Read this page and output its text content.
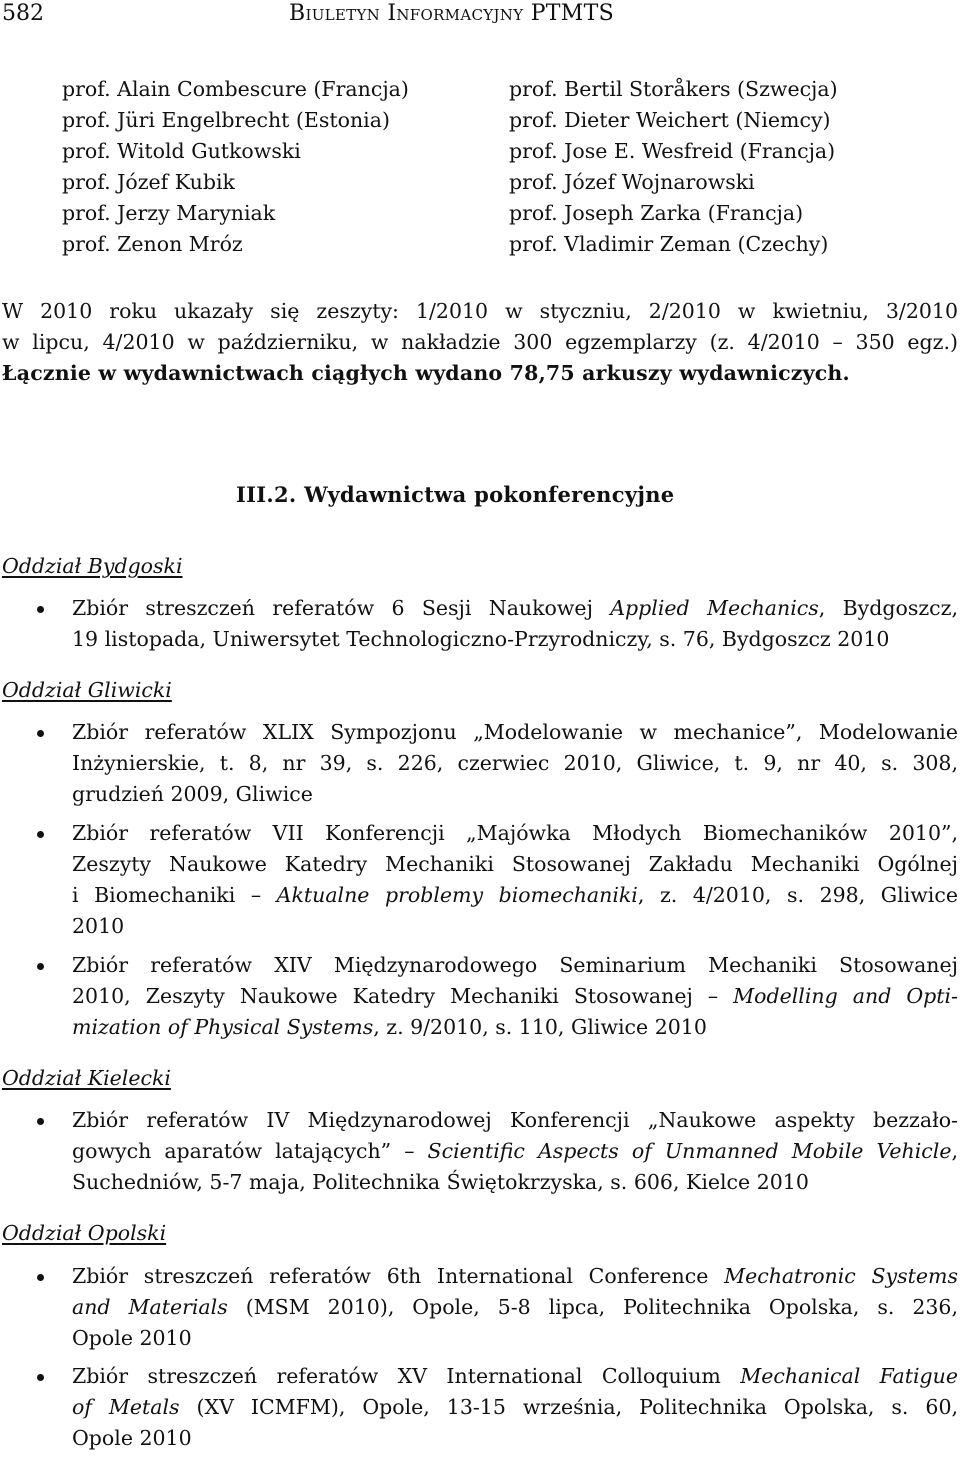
582	Biuletyn Informacyjny PTMTS
prof. Alain Combescure (Francja)
prof. Jüri Engelbrecht (Estonia)
prof. Witold Gutkowski
prof. Józef Kubik
prof. Jerzy Maryniak
prof. Zenon Mróz
prof. Bertil Storåkers (Szwecja)
prof. Dieter Weichert (Niemcy)
prof. Jose E. Wesfreid (Francja)
prof. Józef Wojnarowski
prof. Joseph Zarka (Francja)
prof. Vladimir Zeman (Czechy)

W 2010 roku ukazały się zeszyty: 1/2010 w styczniu, 2/2010 w kwietniu, 3/2010

w lipcu, 4/2010 w październiku, w nakładzie 300 egzemplarzy (z. 4/2010 – 350 egz.)

Łącznie w wydawnictwach ciągłych wydano 78,75 arkuszy wydawniczych.

III.2. Wydawnictwa pokonferencyjne
Oddział Bydgoski
Zbiór streszczeń referatów 6 Sesji Naukowej Applied Mechanics, Bydgoszcz,
19 listopada, Uniwersytet Technologiczno-Przyrodniczy, s. 76, Bydgoszcz 2010
Oddział Gliwicki
Zbiór referatów XLIX Sympozjonu „Modelowanie w mechanice”, Modelowanie
Inżynierskie, t. 8, nr 39, s. 226, czerwiec 2010, Gliwice, t. 9, nr 40, s. 308,
grudzień 2009, Gliwice
Zbiór referatów VII Konferencji „Majówka Młodych Biomechaników 2010”,
Zeszyty Naukowe Katedry Mechaniki Stosowanej Zakładu Mechaniki Ogólnej
i Biomechaniki – Aktualne problemy biomechaniki, z. 4/2010, s. 298, Gliwice
2010
Zbiór referatów XIV Międzynarodowego Seminarium Mechaniki Stosowanej
2010, Zeszyty Naukowe Katedry Mechaniki Stosowanej – Modelling and Opti-
mization of Physical Systems, z. 9/2010, s. 110, Gliwice 2010
Oddział Kielecki
Zbiór referatów IV Międzynarodowej Konferencji „Naukowe aspekty bezzało-
gowych aparatów latających” – Scientific Aspects of Unmanned Mobile Vehicle,
Suchedniów, 5-7 maja, Politechnika Świętokrzyska, s. 606, Kielce 2010
Oddział Opolski
Zbiór streszczeń referatów 6th International Conference Mechatronic Systems
and Materials (MSM 2010), Opole, 5-8 lipca, Politechnika Opolska, s. 236,
Opole 2010
Zbiór streszczeń referatów XV International Colloquium Mechanical Fatigue
of Metals (XV ICMFM), Opole, 13-15 września, Politechnika Opolska, s. 60,
Opole 2010
